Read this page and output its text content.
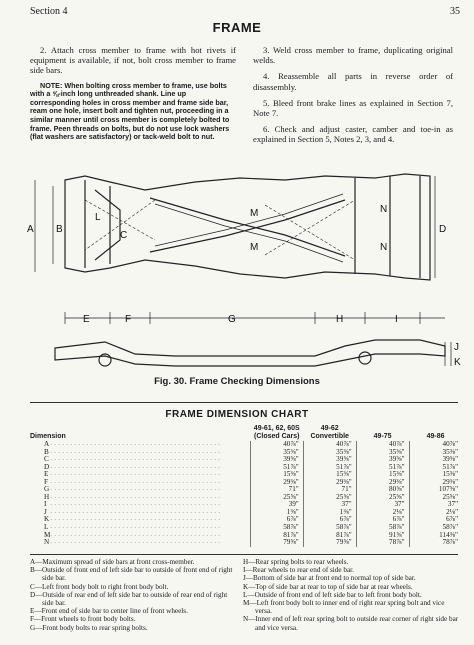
Section 4	35
FRAME

2. Attach cross member to frame with hot rivets if equipment is available, if not, bolt cross member to frame side bars.

NOTE: When bolting cross member to frame, use bolts with a ⅝-inch long unthreaded shank. Line up corresponding holes in cross member and frame side bar, ream one hole, insert bolt and tighten nut, proceeding in a similar manner until cross member is completely bolted to frame. Peen threads on bolts, but do not use lock washers (flat washers are satisfactory) or tack-weld bolt to nut.

3. Weld cross member to frame, duplicating original welds.

4. Reassemble all parts in reverse order of disassembly.

5. Bleed front brake lines as explained in Section 7, Note 7.

6. Check and adjust caster, camber and toe-in as explained in Section 5, Notes 2, 3, and 4.

A B
C
L	M
M
N
N
D
E	F	G	H	I
J
K
Fig. 30. Frame Checking Dimensions
FRAME DIMENSION CHART
Dimension		49-61, 62, 60S (Closed Cars)	49-62 Convertible	49-75	49-86
A	. . . . . . . . . . . . . . . . . . . . . . . . . . . . . . . . . . . . . . . . . . .	40⅞"	40⅞"	40⅞"	40⅞"
B	. . . . . . . . . . . . . . . . . . . . . . . . . . . . . . . . . . . . . . . . . . .	35⅜"	35⅜"	35⅜"	35⅜"
C	. . . . . . . . . . . . . . . . . . . . . . . . . . . . . . . . . . . . . . . . . . .	39⅝"	39⅝"	39⅝"	39⅝"
D	. . . . . . . . . . . . . . . . . . . . . . . . . . . . . . . . . . . . . . . . . . .	51⅞"	51⅞"	51⅞"	51⅞"
E	. . . . . . . . . . . . . . . . . . . . . . . . . . . . . . . . . . . . . . . . . . .	15⅜"	15⅜"	15⅜"	15⅜"
F	. . . . . . . . . . . . . . . . . . . . . . . . . . . . . . . . . . . . . . . . . . .	29⅜"	29⅜"	29⅜"	29⅜"
G	. . . . . . . . . . . . . . . . . . . . . . . . . . . . . . . . . . . . . . . . . . .	71"	71"	80⅝"	107⅝"
H	. . . . . . . . . . . . . . . . . . . . . . . . . . . . . . . . . . . . . . . . . . .	25⅝"	25⅝"	25⅝"	25⅝"
I	. . . . . . . . . . . . . . . . . . . . . . . . . . . . . . . . . . . . . . . . . . .	39"	37"	37"	37"
J	. . . . . . . . . . . . . . . . . . . . . . . . . . . . . . . . . . . . . . . . . . .	1⅜"	1⅜"	2⅛"	2⅛"
K	. . . . . . . . . . . . . . . . . . . . . . . . . . . . . . . . . . . . . . . . . . .	6⅞"	6⅞"	6⅞"	6⅞"
L	. . . . . . . . . . . . . . . . . . . . . . . . . . . . . . . . . . . . . . . . . . .	58⅞"	58⅞"	58⅞"	58⅞"
M	. . . . . . . . . . . . . . . . . . . . . . . . . . . . . . . . . . . . . . . . . . .	81⅞"	81⅞"	91⅝"	114⅜"
N	. . . . . . . . . . . . . . . . . . . . . . . . . . . . . . . . . . . . . . . . . . .	79⅝"	79⅝"	78⅞"	78⅞"
A—Maximum spread of side bars at front cross-member.
B—Outside of front end of left side bar to outside of front end of right side bar.
C—Left front body bolt to right front body bolt.
D—Outside of rear end of left side bar to outside of rear end of right side bar.
E—Front end of side bar to center line of front wheels.
F—Front wheels to front body bolts.
G—Front body bolts to rear spring bolts.
H—Rear spring bolts to rear wheels.
I—Rear wheels to rear end of side bar.
J—Bottom of side bar at front end to normal top of side bar.
K—Top of side bar at rear to top of side bar at rear wheels.
L—Outside of front end of left side bar to left front body bolt.
M—Left front body bolt to inner end of right rear spring bolt and vice versa.
N—Inner end of left rear spring bolt to outside rear corner of right side bar and vice versa.
